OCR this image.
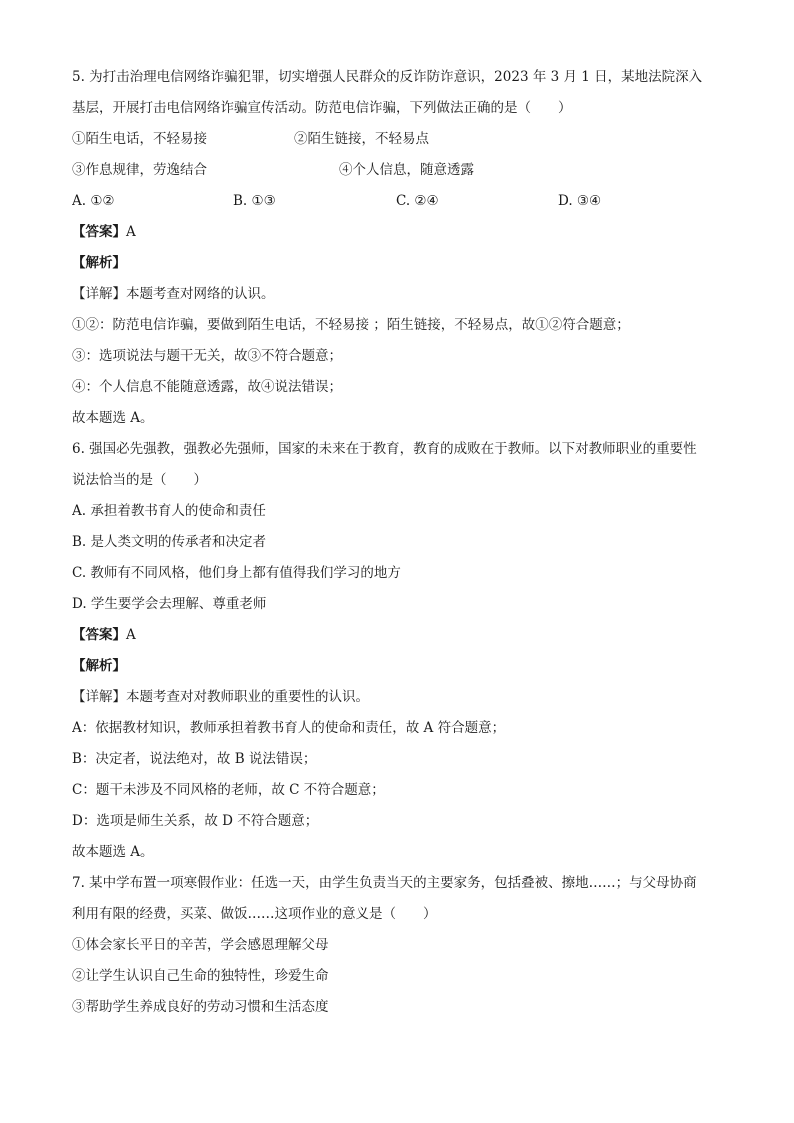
5. 为打击治理电信网络诈骗犯罪，切实增强人民群众的反诈防诈意识，2023 年 3 月 1 日，某地法院深入
基层，开展打击电信网络诈骗宣传活动。防范电信诈骗，下列做法正确的是（　　）
①陌生电话，不轻易接	②陌生链接，不轻易点
③作息规律，劳逸结合	④个人信息，随意透露
A. ①②	B. ①③	C. ②④	D. ③④
【答案】A
【解析】
【详解】本题考查对网络的认识。
①②：防范电信诈骗，要做到陌生电话，不轻易接 ；陌生链接，不轻易点，故①②符合题意；
③：选项说法与题干无关，故③不符合题意；
④：个人信息不能随意透露，故④说法错误；
故本题选 A。
6. 强国必先强教，强教必先强师，国家的未来在于教育，教育的成败在于教师。以下对教师职业的重要性
说法恰当的是（　　）
A. 承担着教书育人的使命和责任
B. 是人类文明的传承者和决定者
C. 教师有不同风格，他们身上都有值得我们学习的地方
D. 学生要学会去理解、尊重老师
【答案】A
【解析】
【详解】本题考查对对教师职业的重要性的认识。
A：依据教材知识，教师承担着教书育人的使命和责任，故 A 符合题意；
B：决定者，说法绝对，故 B 说法错误；
C：题干未涉及不同风格的老师，故 C 不符合题意；
D：选项是师生关系，故 D 不符合题意；
故本题选 A。
7. 某中学布置一项寒假作业：任选一天，由学生负责当天的主要家务，包括叠被、擦地……；与父母协商
利用有限的经费，买菜、做饭……这项作业的意义是（　　）
①体会家长平日的辛苦，学会感恩理解父母
②让学生认识自己生命的独特性，珍爱生命
③帮助学生养成良好的劳动习惯和生活态度
